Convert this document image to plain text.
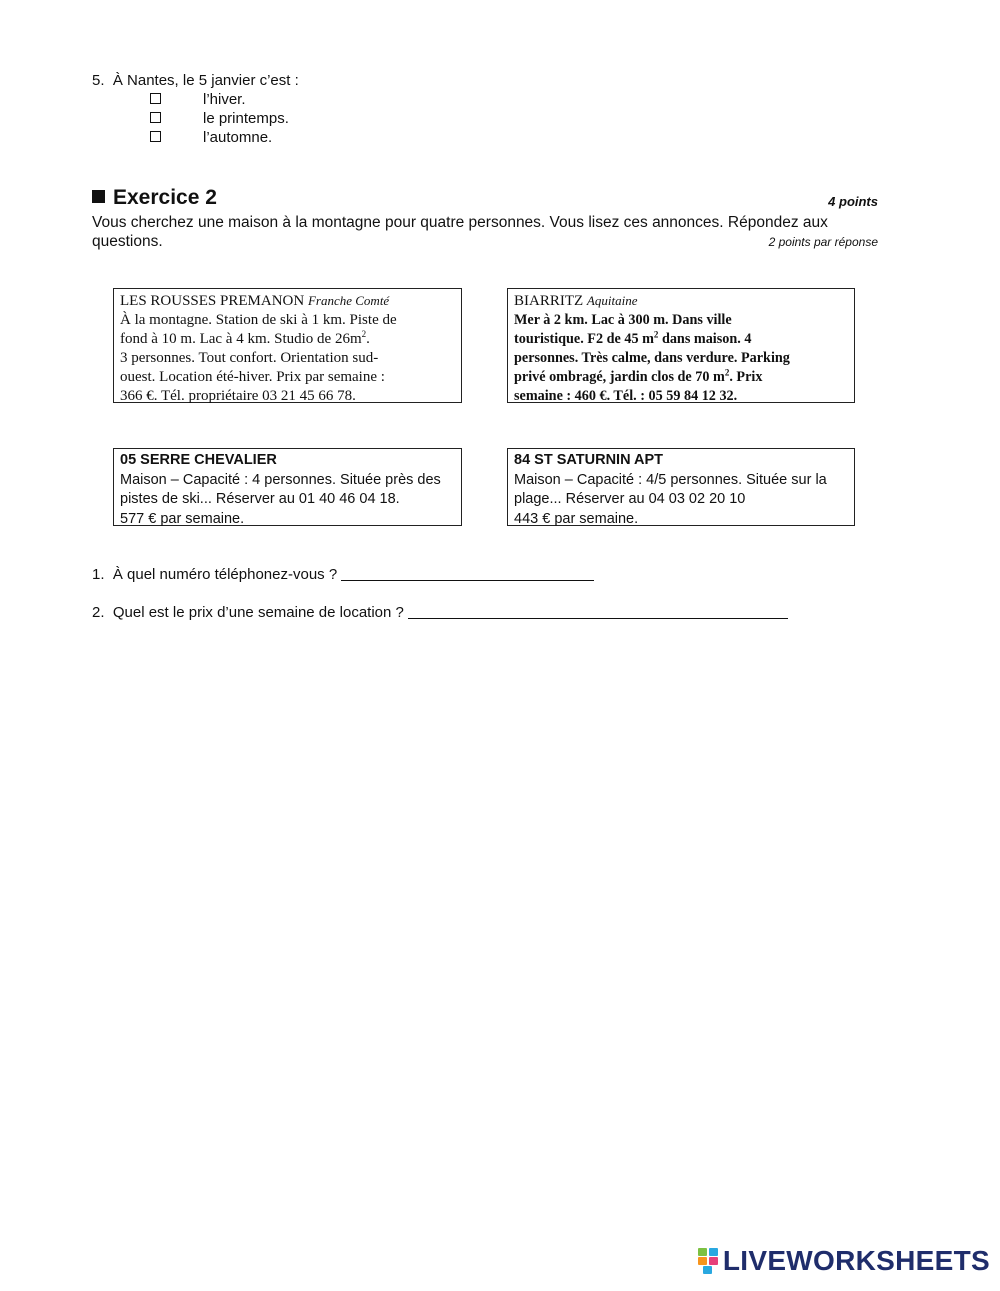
5. À Nantes, le 5 janvier c’est :
l’hiver.
le printemps.
l’automne.
Exercice 2	4 points
Vous cherchez une maison à la montagne pour quatre personnes. Vous lisez ces annonces. Répondez aux questions.	2 points par réponse
LES ROUSSES PREMANON Franche Comté
À la montagne. Station de ski à 1 km. Piste de
fond à 10 m. Lac à 4 km. Studio de $26m^2$.
3 personnes. Tout confort. Orientation sud-
ouest. Location été-hiver. Prix par semaine :
366 €. Tél. propriétaire 03 21 45 66 78.
BIARRITZ Aquitaine
Mer à 2 km. Lac à 300 m. Dans ville
touristique. F2 de 45 $m^2$ dans maison. 4
personnes. Très calme, dans verdure. Parking
privé ombragé, jardin clos de 70 $m^2$. Prix
semaine : 460 €. Tél. : 05 59 84 12 32.
05 SERRE CHEVALIER
Maison – Capacité : 4 personnes. Située près des
pistes de ski... Réserver au 01 40 46 04 18.
577 € par semaine.
84 ST SATURNIN APT
Maison – Capacité : 4/5 personnes. Située sur la
plage... Réserver au 04 03 02 20 10
443 € par semaine.
1. À quel numéro téléphonez-vous ?
2. Quel est le prix d’une semaine de location ?
LIVEWORKSHEETS
